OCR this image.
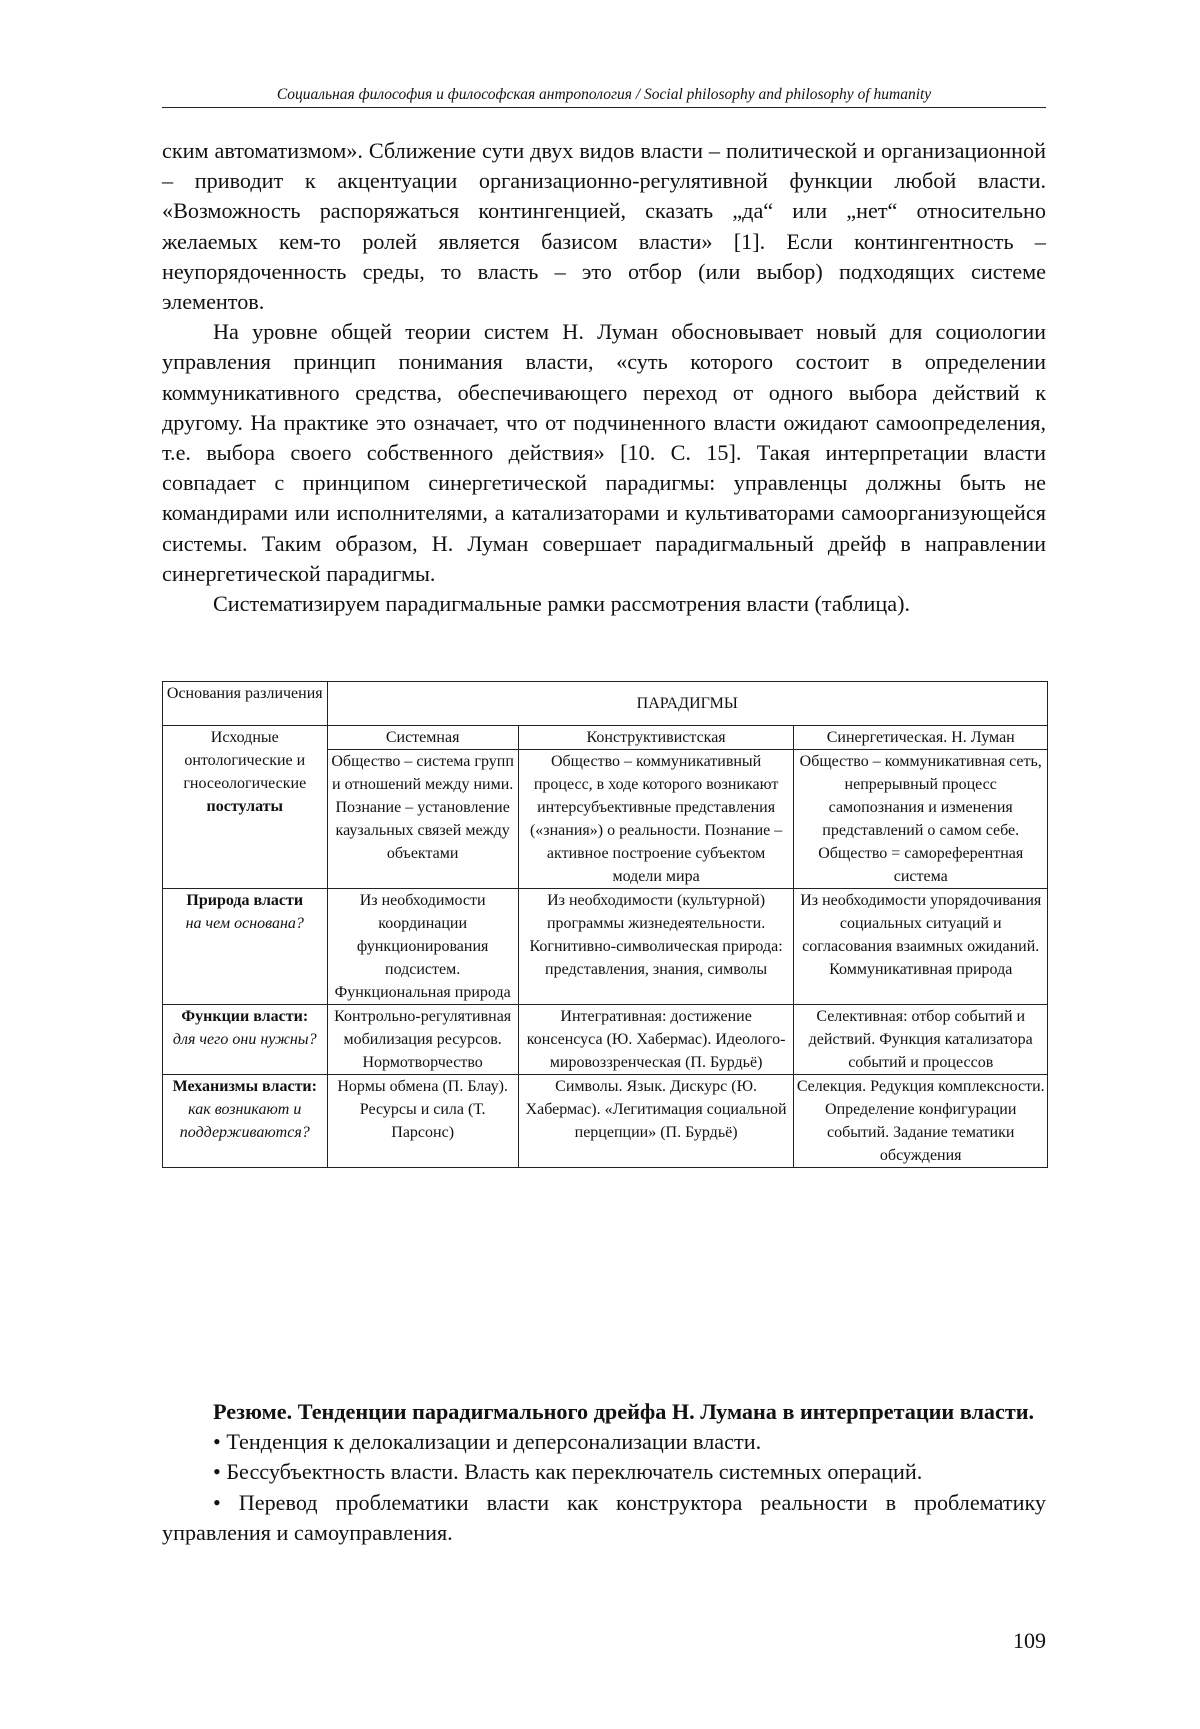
Социальная философия и философская антропология / Social philosophy and philosophy of humanity

ским автоматизмом». Сближение сути двух видов власти – политической и организационной – приводит к акцентуации организационно-регулятивной функции любой власти. «Возможность распоряжаться контингенцией, сказать „да“ или „нет“ относительно желаемых кем-то ролей является базисом власти» [1]. Если контингентность – неупорядоченность среды, то власть – это отбор (или выбор) подходящих системе элементов.

На уровне общей теории систем Н. Луман обосновывает новый для социологии управления принцип понимания власти, «суть которого состоит в определении коммуникативного средства, обеспечивающего переход от одного выбора действий к другому. На практике это означает, что от подчиненного власти ожидают самоопределения, т.е. выбора своего собственного действия» [10. С. 15]. Такая интерпретации власти совпадает с принципом синергетической парадигмы: управленцы должны быть не командирами или исполнителями, а катализаторами и культиваторами самоорганизующейся системы. Таким образом, Н. Луман совершает парадигмальный дрейф в направлении синергетической парадигмы.

Систематизируем парадигмальные рамки рассмотрения власти (таблица).

Основания различения	ПАРАДИГМЫ		
Исходные онтологические и гносеологические постулаты	Системная	Конструктивистская	Синергетическая. Н. Луман
	Общество – система групп и отношений между ними. Познание – установление каузальных связей между объектами	Общество – коммуникативный процесс, в ходе которого возникают интерсубъективные представления («знания») о реальности. Познание – активное построение субъектом модели мира	Общество – коммуникативная сеть, непрерывный процесс самопознания и изменения представлений о самом себе. Общество = самореферентная система

Природа власти
на чем основана?	Из необходимости координации функционирования подсистем. Функциональная природа	Из необходимости (культурной) программы жизнедеятельности. Когнитивно-символическая природа: представления, знания, символы	Из необходимости упорядочивания социальных ситуаций и согласования взаимных ожиданий. Коммуникативная природа

Функции власти:
для чего они нужны?	Контрольно-регулятивная мобилизация ресурсов. Нормотворчество	Интегративная: достижение консенсуса (Ю. Хабермас). Идеолого-мировоззренческая (П. Бурдьё)	Селективная: отбор событий и действий. Функция катализатора событий и процессов
Механизмы власти: как возникают и поддерживаются?	Нормы обмена (П. Блау). Ресурсы и сила (Т. Парсонс)	Символы. Язык. Дискурс (Ю. Хабермас). «Легитимация социальной перцепции» (П. Бурдьё)	Селекция. Редукция комплексности. Определение конфигурации событий. Задание тематики обсуждения

Резюме. Тенденции парадигмального дрейфа Н. Лумана в интерпретации власти.

• Тенденция к делокализации и деперсонализации власти.

• Бессубъектность власти. Власть как переключатель системных операций.

• Перевод проблематики власти как конструктора реальности в проблематику управления и самоуправления.

109
